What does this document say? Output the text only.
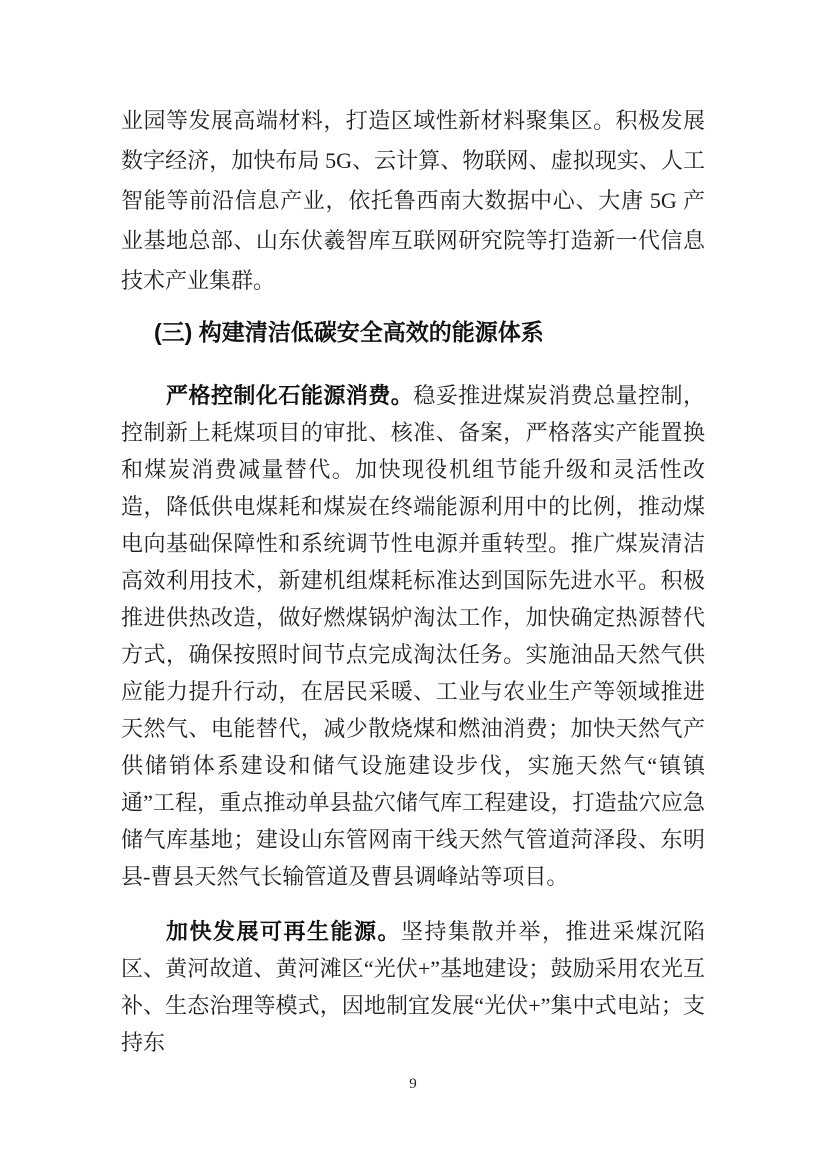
业园等发展高端材料，打造区域性新材料聚集区。积极发展数字经济，加快布局 5G、云计算、物联网、虚拟现实、人工智能等前沿信息产业，依托鲁西南大数据中心、大唐 5G 产业基地总部、山东伏羲智库互联网研究院等打造新一代信息技术产业集群。

(三) 构建清洁低碳安全高效的能源体系

严格控制化石能源消费。稳妥推进煤炭消费总量控制，控制新上耗煤项目的审批、核准、备案，严格落实产能置换和煤炭消费减量替代。加快现役机组节能升级和灵活性改造，降低供电煤耗和煤炭在终端能源利用中的比例，推动煤电向基础保障性和系统调节性电源并重转型。推广煤炭清洁高效利用技术，新建机组煤耗标准达到国际先进水平。积极推进供热改造，做好燃煤锅炉淘汰工作，加快确定热源替代方式，确保按照时间节点完成淘汰任务。实施油品天然气供应能力提升行动，在居民采暖、工业与农业生产等领域推进天然气、电能替代，减少散烧煤和燃油消费；加快天然气产供储销体系建设和储气设施建设步伐，实施天然气“镇镇通”工程，重点推动单县盐穴储气库工程建设，打造盐穴应急储气库基地；建设山东管网南干线天然气管道菏泽段、东明县-曹县天然气长输管道及曹县调峰站等项目。

加快发展可再生能源。坚持集散并举，推进采煤沉陷区、黄河故道、黄河滩区“光伏+”基地建设；鼓励采用农光互补、生态治理等模式，因地制宜发展“光伏+”集中式电站；支持东

9
